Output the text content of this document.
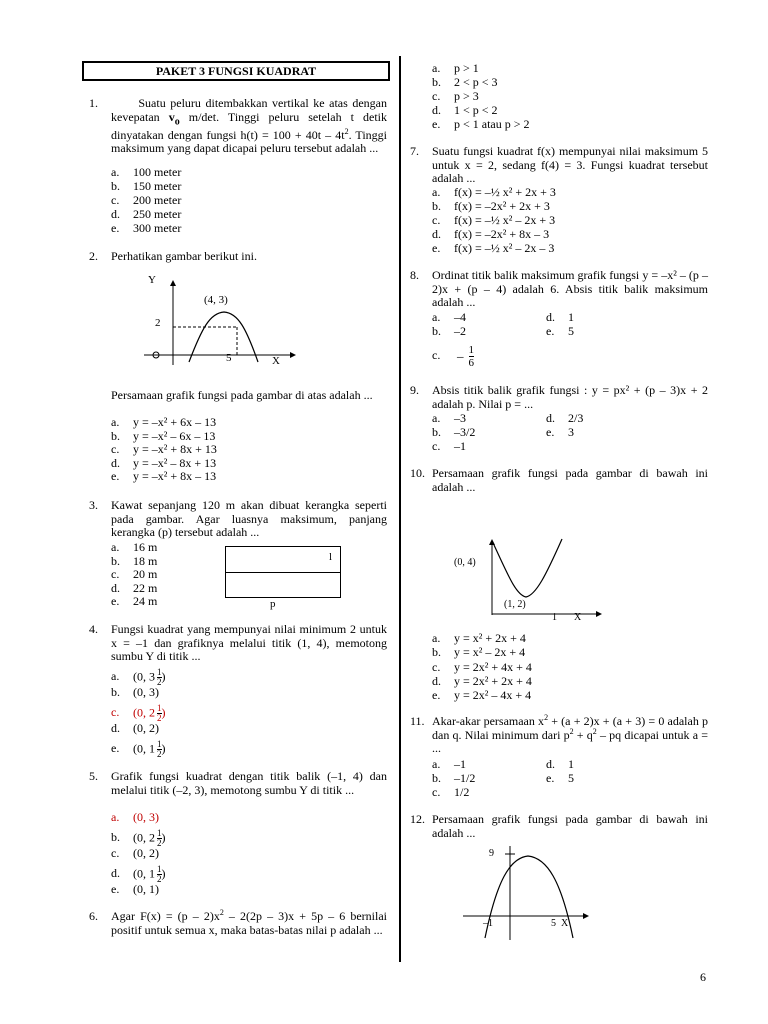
PAKET 3 FUNGSI KUADRAT
1. Suatu peluru ditembakkan vertikal ke atas dengan kevepatan $v_o$ m/det. Tinggi peluru setelah t detik dinyatakan dengan fungsi $h(t) = 100 + 40t - 4t^2$. Tinggi maksimum yang dapat dicapai peluru tersebut adalah ...
a. 100 meter
b. 150 meter
c. 200 meter
d. 250 meter
e. 300 meter
2. Perhatikan gambar berikut ini.
Y
X
(4, 3)
2
5
Persamaan grafik fungsi pada gambar di atas adalah ...
a. y = –x² + 6x – 13
b. y = –x² – 6x – 13
c. y = –x² + 8x + 13
d. y = –x² – 8x + 13
e. y = –x² + 8x – 13
3. Kawat sepanjang 120 m akan dibuat kerangka seperti pada gambar. Agar luasnya maksimum, panjang kerangka (p) tersebut adalah ...
l
p
a. 16 m
b. 18 m
c. 20 m
d. 22 m
e. 24 m
4. Fungsi kuadrat yang mempunyai nilai minimum 2 untuk x = –1 dan grafiknya melalui titik (1, 4), memotong sumbu Y di titik ...
a. (0, $3 \frac{1}{2}$ )
b. (0, 3)
c. (0, $2 \frac{1}{2}$ )
d. (0, 2)
e. (0, $1 \frac{1}{2}$ )
5. Grafik fungsi kuadrat dengan titik balik (–1, 4) dan melalui titik (–2, 3), memotong sumbu Y di titik ...
a. (0, 3)
b. (0, $2 \frac{1}{2}$ )
c. (0, 2)
d. (0, $1 \frac{1}{2}$ )
e. (0, 1)
6. Agar $F(x) = (p - 2)x^2 - 2(2p - 3)x + 5p - 6$ bernilai positif untuk semua x, maka batas-batas nilai p adalah ...
a. p > 1
b. 2 < p < 3
c. p > 3
d. 1 < p < 2
e. p < 1 atau p > 2
7. Suatu fungsi kuadrat f(x) mempunyai nilai maksimum 5 untuk x = 2, sedang f(4) = 3. Fungsi kuadrat tersebut adalah ...
a. f(x) = –½ x² + 2x + 3
b. f(x) = –2x² + 2x + 3
c. f(x) = –½ x² – 2x + 3
d. f(x) = –2x² + 8x – 3
e. f(x) = –½ x² – 2x – 3
8. Ordinat titik balik maksimum grafik fungsi y = –x² – (p – 2)x + (p – 4) adalah 6. Absis titik balik maksimum adalah ...
a. –4
b. –2
d. 1
e. 5
c. – $\frac{1}{6}$
9. Absis titik balik grafik fungsi : y = px² + (p – 3)x + 2 adalah p. Nilai p = ...
a. –3
b. –3/2
c. –1
d. 2/3
e. 3
10. Persamaan grafik fungsi pada gambar di bawah ini adalah ...
(0, 4)
(1, 2)
1 X
a. y = x² + 2x + 4
b. y = x² – 2x + 4
c. y = 2x² + 4x + 4
d. y = 2x² + 2x + 4
e. y = 2x² – 4x + 4
11. Akar-akar persamaan $x^2 + (a + 2)x + (a + 3) = 0$ adalah p dan q. Nilai minimum dari $p^2 + q^2$ – pq dicapai untuk a = ...
a. –1
b. –1/2
c. 1/2
d. 1
e. 5
12. Persamaan grafik fungsi pada gambar di bawah ini adalah ...
9
–1	5 X
6
